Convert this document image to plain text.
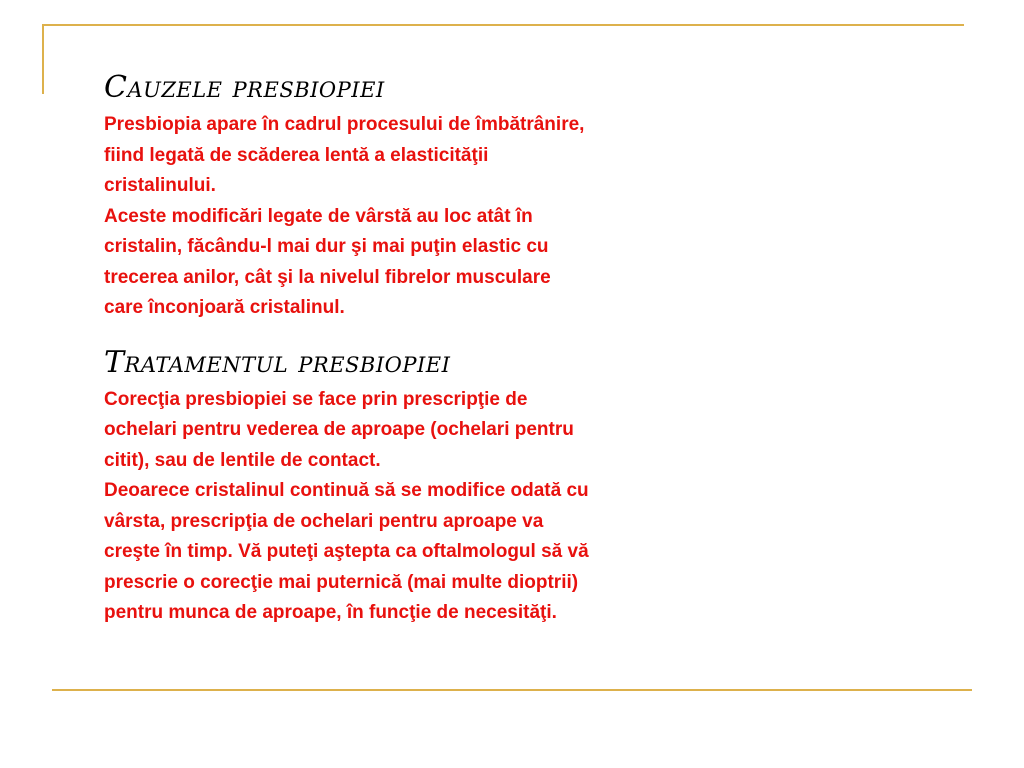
Cauzele presbiopiei

Presbiopia apare în cadrul procesului de îmbătrânire,
fiind legată de scăderea lentă a elasticităţii
cristalinului.

Aceste modificări legate de vârstă au loc atât în
cristalin, făcându-l mai dur şi mai puţin elastic cu
trecerea anilor, cât şi la nivelul fibrelor musculare
care înconjoară cristalinul.

Tratamentul presbiopiei

Corecţia presbiopiei se face prin prescripţie de
ochelari pentru vederea de aproape (ochelari pentru
citit), sau de lentile de contact.

Deoarece cristalinul continuă să se modifice odată cu
vârsta, prescripţia de ochelari pentru aproape va
creşte în timp. Vă puteţi aştepta ca oftalmologul să vă
prescrie o corecţie mai puternică (mai multe dioptrii)
pentru munca de aproape, în funcţie de necesităţi.
